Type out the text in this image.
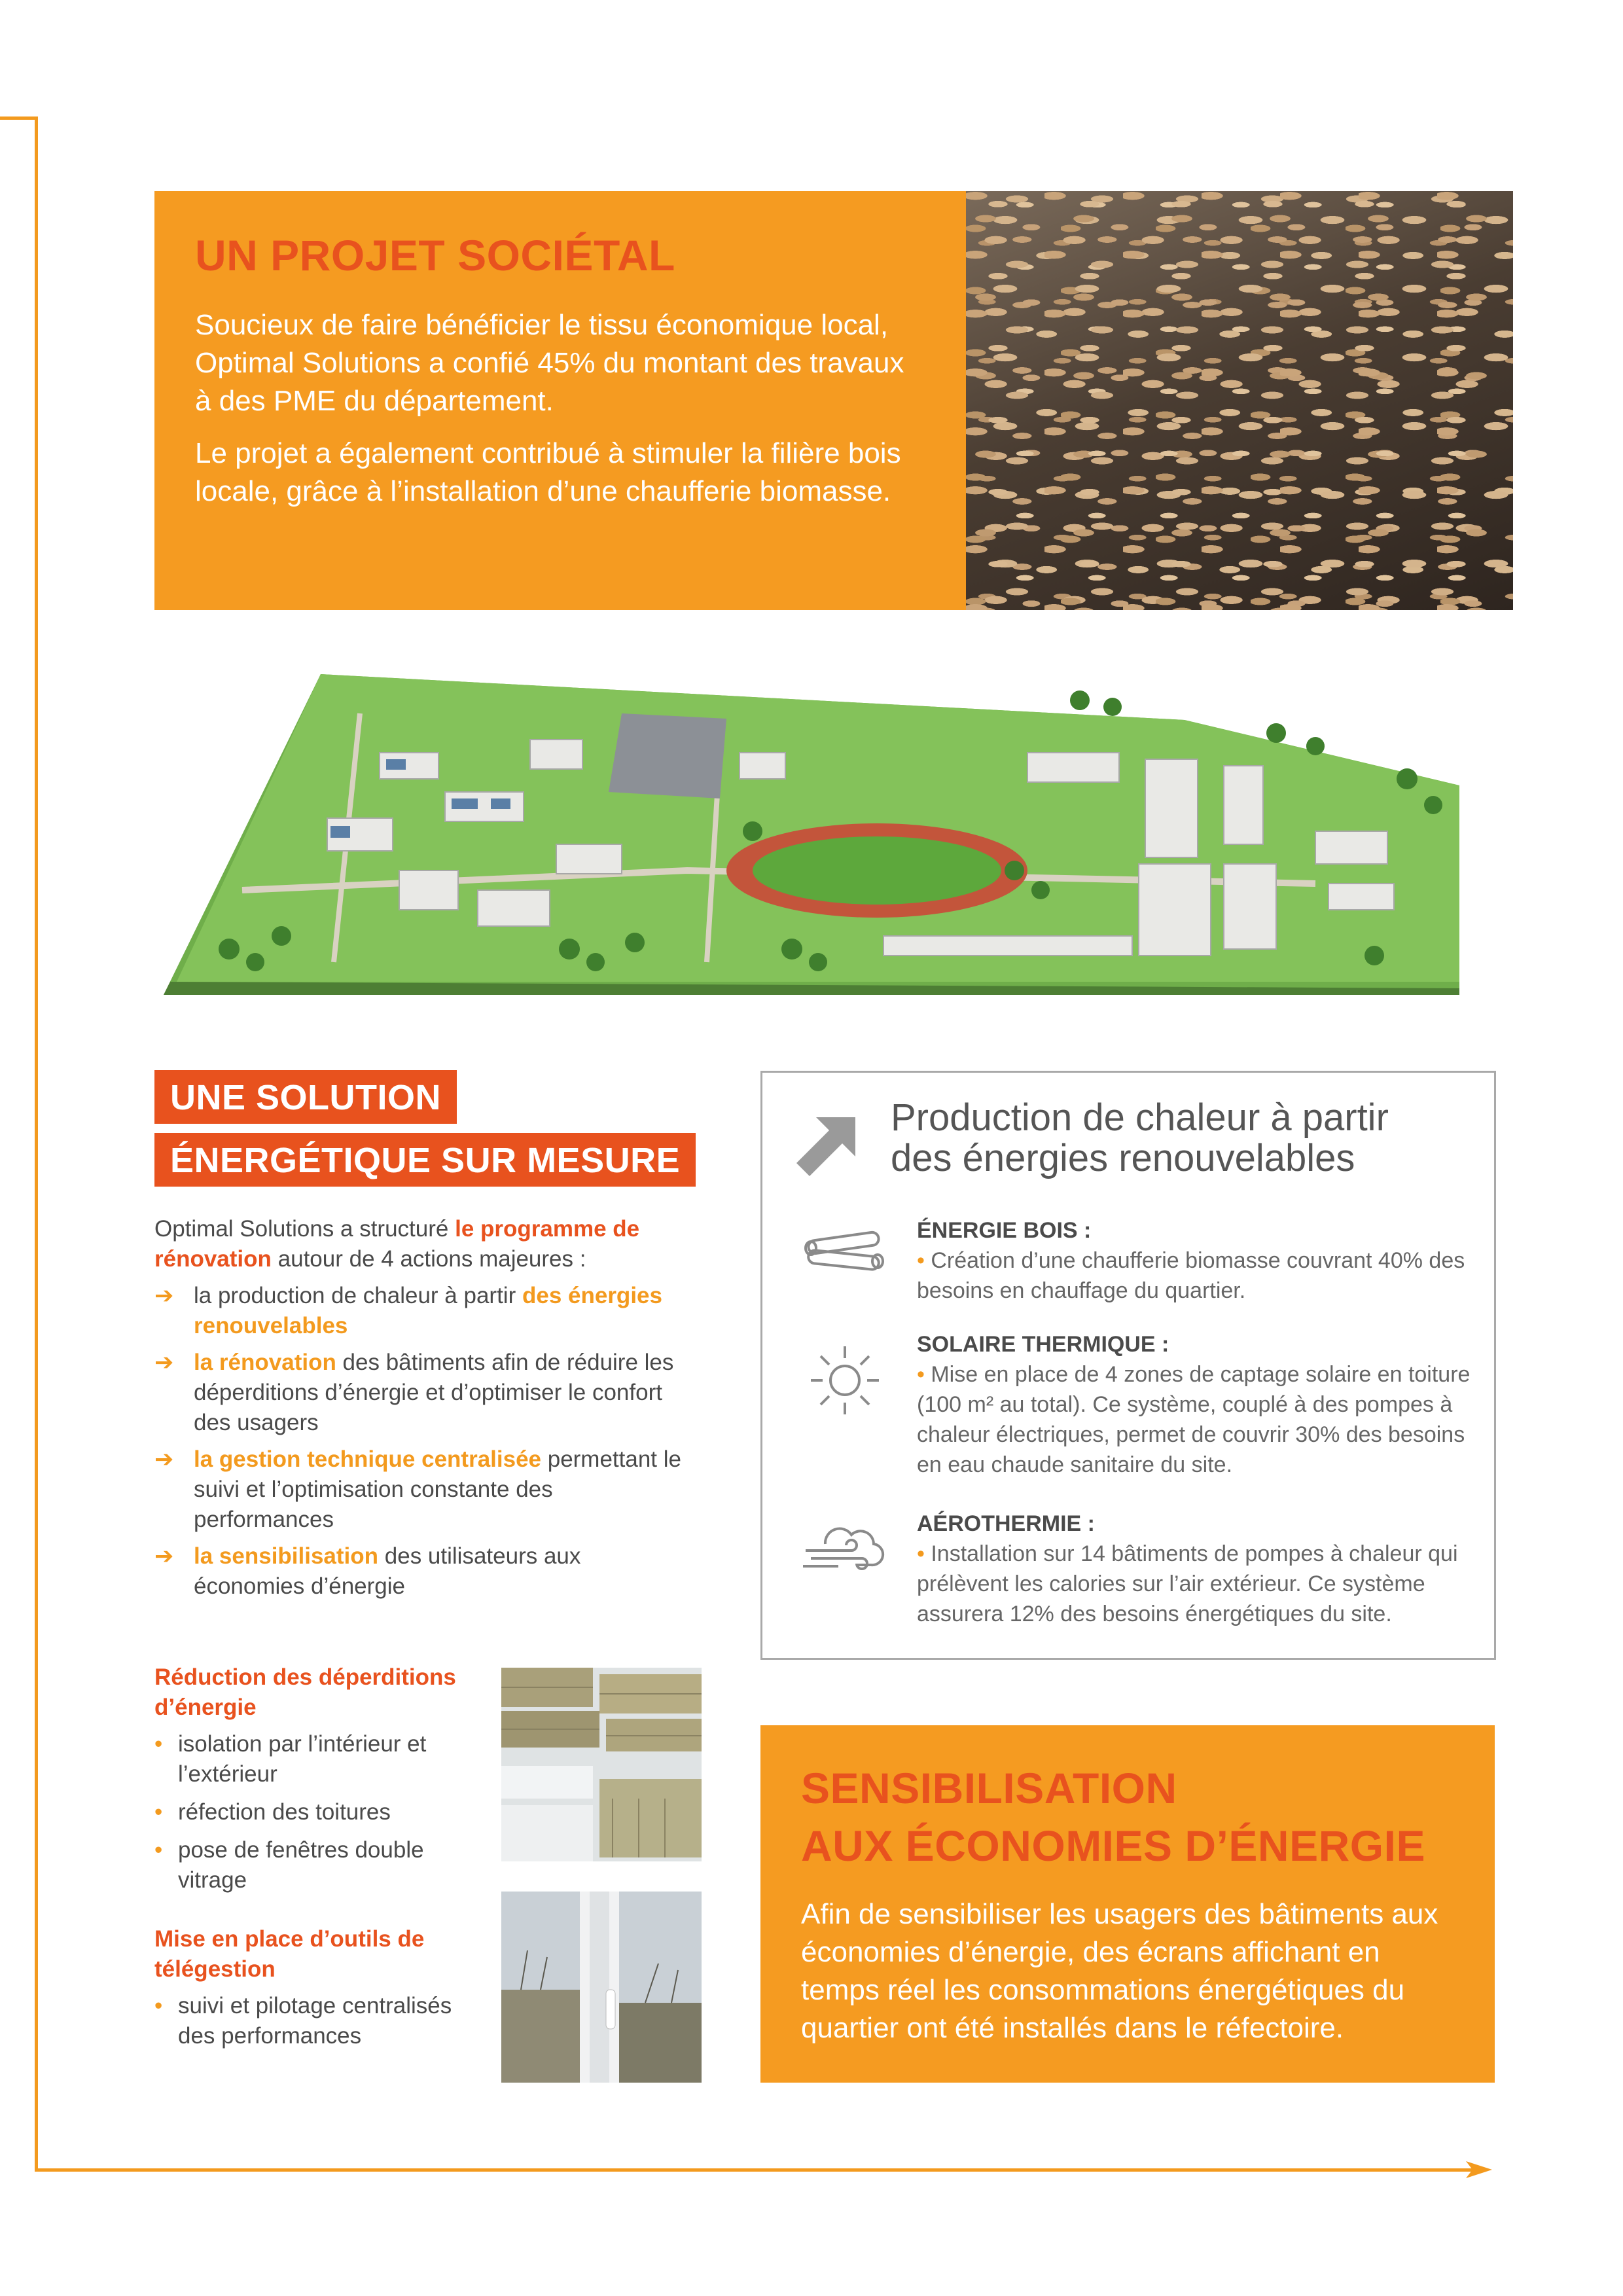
UN PROJET SOCIÉTAL

Soucieux de faire bénéficier le tissu économique local, Optimal Solutions a confié 45% du montant des travaux à des PME du département.

Le projet a également contribué à stimuler la filière bois locale, grâce à l’installation d’une chaufferie biomasse.

UNE SOLUTION
ÉNERGÉTIQUE SUR MESURE
Optimal Solutions a structuré le programme de rénovation autour de 4 actions majeures :
➔ la production de chaleur à partir des énergies renouvelables
➔ la rénovation des bâtiments afin de réduire les déperditions d’énergie et d’optimiser le confort des usagers
➔ la gestion technique centralisée permettant le suivi et l’optimisation constante des performances
➔ la sensibilisation des utilisateurs aux économies d’énergie

Réduction des déperditions d’énergie

• isolation par l’intérieur et l’extérieur
• réfection des toitures
• pose de fenêtres double vitrage

Mise en place d’outils de télégestion

• suivi et pilotage centralisés des performances
Production de chaleur à partir
des énergies renouvelables
ÉNERGIE BOIS :
• Création d’une chaufferie biomasse couvrant 40% des besoins en chauffage du quartier.
SOLAIRE THERMIQUE :
• Mise en place de 4 zones de captage solaire en toiture (100 m² au total). Ce système, couplé à des pompes à chaleur électriques, permet de couvrir 30% des besoins en eau chaude sanitaire du site.
AÉROTHERMIE :
• Installation sur 14 bâtiments de pompes à chaleur qui prélèvent les calories sur l’air extérieur. Ce système assurera 12% des besoins énergétiques du site.
SENSIBILISATION
AUX ÉCONOMIES D’ÉNERGIE
Afin de sensibiliser les usagers des bâtiments aux économies d’énergie, des écrans affichant en temps réel les consommations énergétiques du quartier ont été installés dans le réfectoire.
